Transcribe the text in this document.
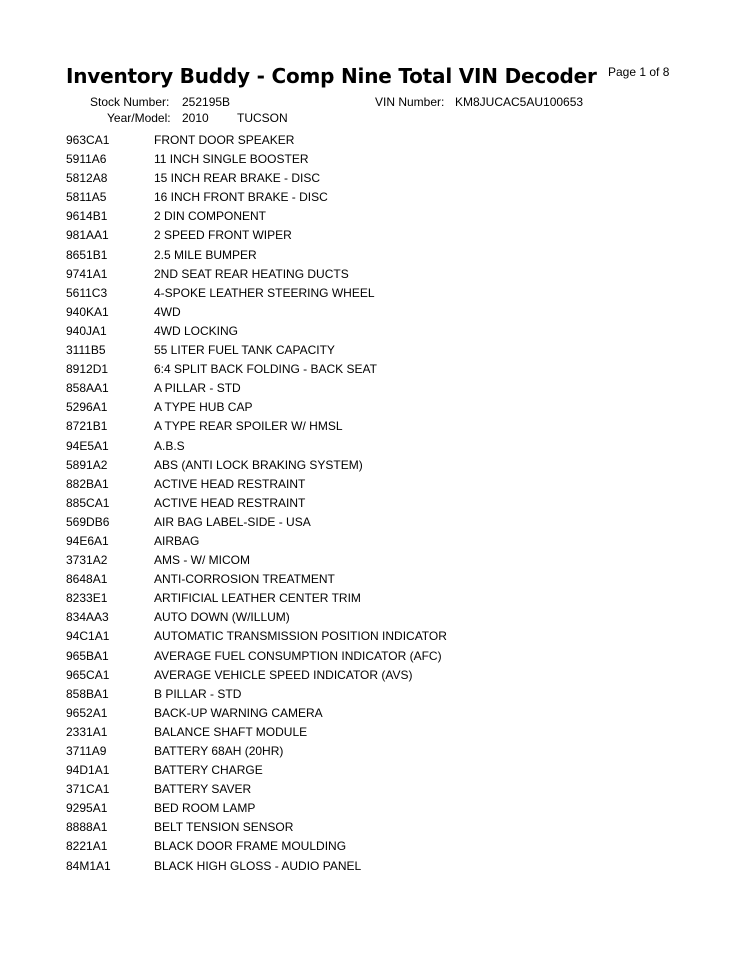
Inventory Buddy - Comp Nine Total VIN Decoder Page 1 of 8
Stock Number: 252195B	VIN Number: KM8JUCAC5AU100653
Year/Model: 2010 TUCSON
963CA1	FRONT DOOR SPEAKER
5911A6	11 INCH SINGLE BOOSTER
5812A8	15 INCH REAR BRAKE - DISC
5811A5	16 INCH FRONT BRAKE - DISC
9614B1	2 DIN COMPONENT
981AA1	2 SPEED FRONT WIPER
8651B1	2.5 MILE BUMPER
9741A1	2ND SEAT REAR HEATING DUCTS
5611C3	4-SPOKE LEATHER STEERING WHEEL
940KA1	4WD
940JA1	4WD LOCKING
3111B5	55 LITER FUEL TANK CAPACITY
8912D1	6:4 SPLIT BACK FOLDING - BACK SEAT
858AA1	A PILLAR - STD
5296A1	A TYPE HUB CAP
8721B1	A TYPE REAR SPOILER W/ HMSL
94E5A1	A.B.S
5891A2	ABS (ANTI LOCK BRAKING SYSTEM)
882BA1	ACTIVE HEAD RESTRAINT
885CA1	ACTIVE HEAD RESTRAINT
569DB6	AIR BAG LABEL-SIDE - USA
94E6A1	AIRBAG
3731A2	AMS - W/ MICOM
8648A1	ANTI-CORROSION TREATMENT
8233E1	ARTIFICIAL LEATHER CENTER TRIM
834AA3	AUTO DOWN (W/ILLUM)
94C1A1	AUTOMATIC TRANSMISSION POSITION INDICATOR
965BA1	AVERAGE FUEL CONSUMPTION INDICATOR (AFC)
965CA1	AVERAGE VEHICLE SPEED INDICATOR (AVS)
858BA1	B PILLAR - STD
9652A1	BACK-UP WARNING CAMERA
2331A1	BALANCE SHAFT MODULE
3711A9	BATTERY 68AH (20HR)
94D1A1	BATTERY CHARGE
371CA1	BATTERY SAVER
9295A1	BED ROOM LAMP
8888A1	BELT TENSION SENSOR
8221A1	BLACK DOOR FRAME MOULDING
84M1A1	BLACK HIGH GLOSS - AUDIO PANEL
